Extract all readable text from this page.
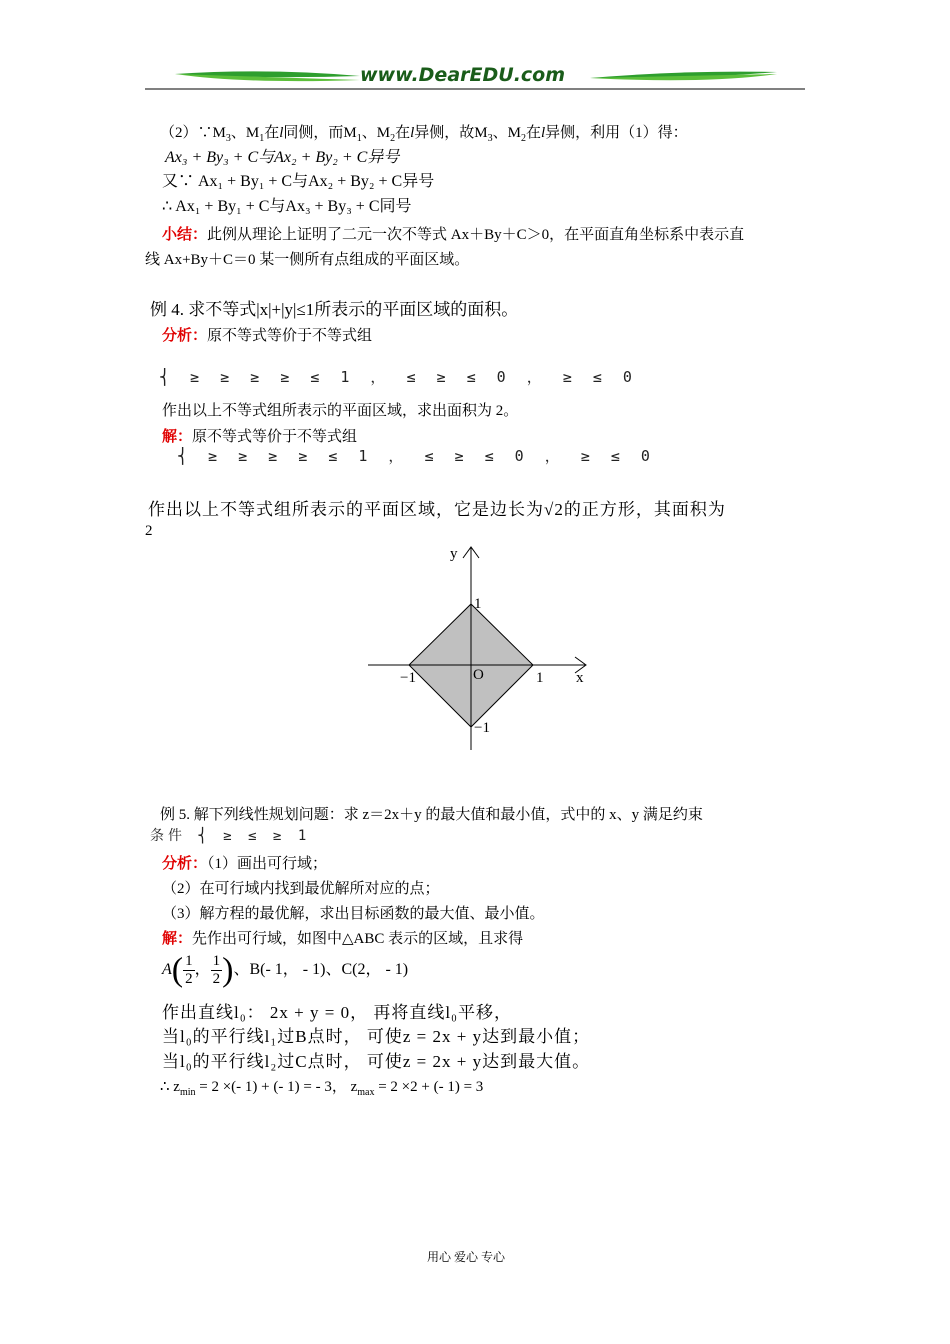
www.DearEDU.com
$(2)\because M_3$、$M_1$在l同侧，而$M_1$、$M_2$在l异侧，故$M_3$、$M_2$在l异侧，利用（1）得：
Ax₃ + By₃ + C与Ax₂ + By₂ + C异号
又∵ Ax₁ + By₁ + C与Ax₂ + By₂ + C异号
∴ Ax₁ + By₁ + C与Ax₃ + By₃ + C同号
小结：此例从理论上证明了二元一次不等式 Ax＋By＋C＞0，在平面直角坐标系中表示直
线 Ax+By＋C＝0 某一侧所有点组成的平面区域。
例 4. 求不等式|x|+|y|≤1所表示的平面区域的面积。
分析：原不等式等价于不等式组
⎨ ≥ ≥ ≥ ≥ ≤ 1 ， ≤ ≥ ≤ 0 ， ≥ ≤ 0
作出以上不等式组所表示的平面区域，求出面积为 2。
解：原不等式等价于不等式组
⎨ ≥ ≥ ≥ ≥ ≤ 1 ， ≤ ≥ ≤ 0 ， ≥ ≤ 0
作出以上不等式组所表示的平面区域，它是边长为√2的正方形，其面积为
2
y
x
O	1
−1
1
−1
例 5. 解下列线性规划问题：求 z＝2x＋y 的最大值和最小值，式中的 x、y 满足约束
条件 ⎨ ≥ ≤ ≥ 1
分析：（1）画出可行域；
（2）在可行域内找到最优解所对应的点；
（3）解方程的最优解，求出目标函数的最大值、最小值。
解：先作出可行域，如图中△ABC 表示的区域，且求得
$A( \frac{1}{2}$， $\frac{1}{2}$)、B(- 1， - 1)、C(2， - 1)
作出直线l₀： 2x + y = 0， 再将直线l₀平移，
当l₀的平行线l₁过B点时， 可使z = 2x + y达到最小值；
当l₀的平行线l₂过C点时， 可使z = 2x + y达到最大值。
∴ $z_{min} = 2$ ×(- 1) + (- 1) = - 3， $z_{max} = 2 \times 2$ + (- 1) = 3
用心 爱心 专心
